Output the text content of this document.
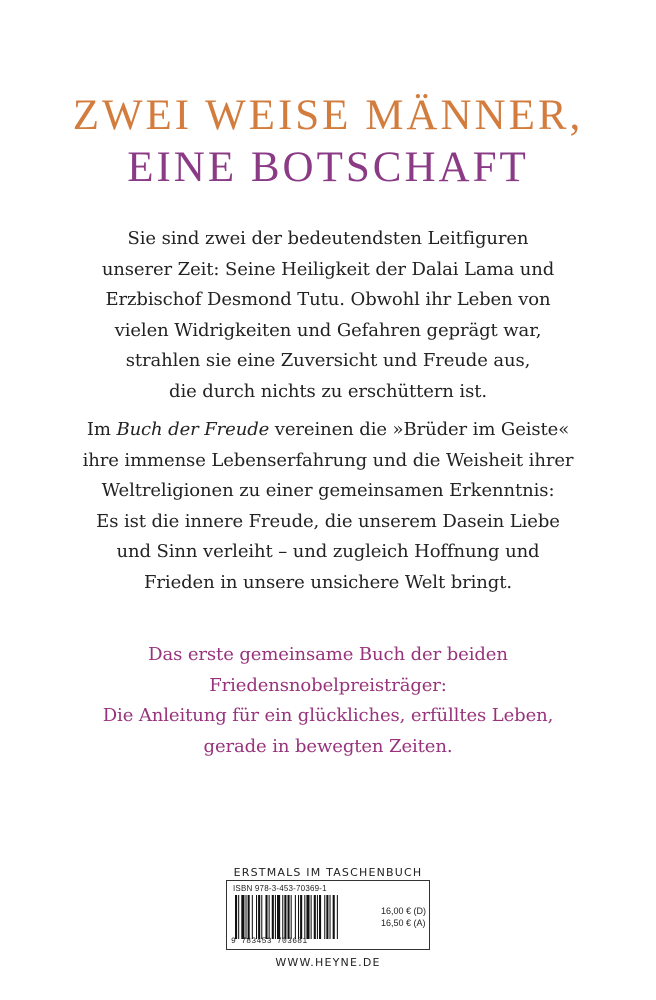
ZWEI WEISE MÄNNER,
EINE BOTSCHAFT
Sie sind zwei der bedeutendsten Leitfiguren
unserer Zeit: Seine Heiligkeit der Dalai Lama und
Erzbischof Desmond Tutu. Obwohl ihr Leben von
vielen Widrigkeiten und Gefahren geprägt war,
strahlen sie eine Zuversicht und Freude aus,
die durch nichts zu erschüttern ist.
Im Buch der Freude vereinen die »Brüder im Geiste«
ihre immense Lebenserfahrung und die Weisheit ihrer
Weltreligionen zu einer gemeinsamen Erkenntnis:
Es ist die innere Freude, die unserem Dasein Liebe
und Sinn verleiht – und zugleich Hoffnung und
Frieden in unsere unsichere Welt bringt.
Das erste gemeinsame Buch der beiden
Friedensnobelpreisträger:
Die Anleitung für ein glückliches, erfülltes Leben,
gerade in bewegten Zeiten.
ERSTMALS IM TASCHENBUCH
ISBN 978-3-453-70369-1
9 783453 703681
16,00 € (D)
16,50 € (A)
WWW.HEYNE.DE
